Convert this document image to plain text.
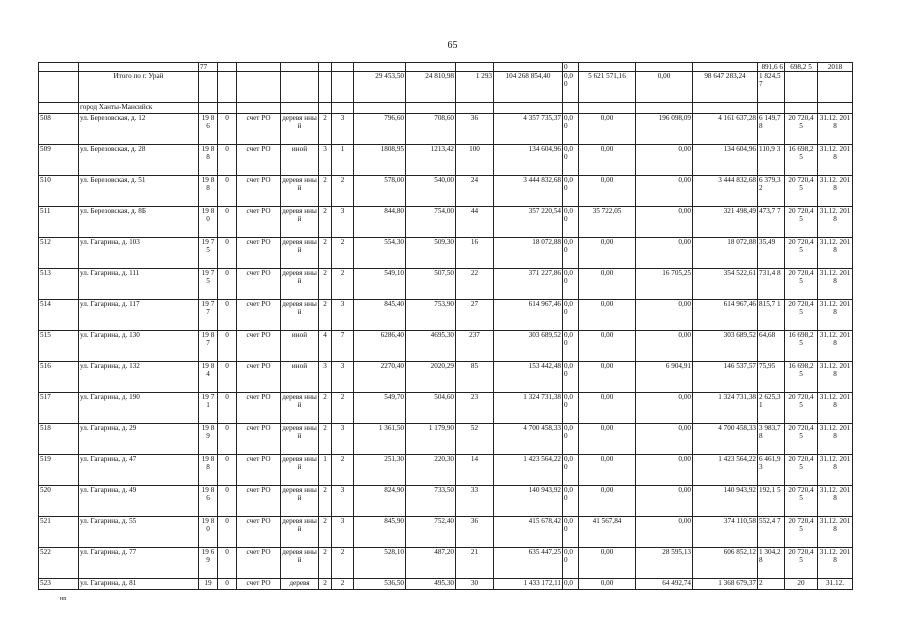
65
		77										0				891,6 6	698,2 5	2018
	Итого по г. Урай							29 453,50	24 810,98	1 293	104 268 854,40	0,0 0	5 621 571,16	0,00	98 647 283,24	1 824,5 7		
	город Ханты-Мансийск																	
508	ул. Березовская, д. 12	19 86	0	счет РО	деревя нный	2	3	796,60	708,60	36	4 357 735,37	0,0 0	0,00	196 098,09	4 161 637,28	6 149,7 8	20 720,4 5	31.12. 2018
509	ул. Березовская, д. 28	19 88	0	счет РО	иной	3	1	1808,95	1213,42	100	134 604,96	0,0 0	0,00	0,00	134 604,96	110,9 3	16 698,2 5	31.12. 2018
510	ул. Березовская, д. 51	19 88	0	счет РО	деревя нный	2	2	578,00	540,00	24	3 444 832,68	0,0 0	0,00	0,00	3 444 832,68	6 379,3 2	20 720,4 5	31.12. 2018
511	ул. Березовская, д. 8Б	19 80	0	счет РО	деревя нный	2	3	844,80	754,00	44	357 220,54	0,0 0	35 722,05	0,00	321 498,49	473,7 7	20 720,4 5	31.12. 2018
512	ул. Гагарина, д. 103	19 75	0	счет РО	деревя нный	2	2	554,30	509,30	16	18 072,88	0,0 0	0,00	0,00	18 072,88	35,49	20 720,4 5	31.12. 2018
513	ул. Гагарина, д. 111	19 75	0	счет РО	деревя нный	2	2	549,10	507,50	22	371 227,86	0,0 0	0,00	16 705,25	354 522,61	731,4 8	20 720,4 5	31.12. 2018
514	ул. Гагарина, д. 117	19 77	0	счет РО	деревя нный	2	3	845,40	753,90	27	614 967,46	0,0 0	0,00	0,00	614 967,46	815,7 1	20 720,4 5	31.12. 2018
515	ул. Гагарина, д. 130	19 87	0	счет РО	иной	4	7	6286,40	4695,30	237	303 689,52	0,0 0	0,00	0,00	303 689,52	64,68	16 698,2 5	31.12. 2018
516	ул. Гагарина, д. 132	19 84	0	счет РО	иной	3	3	2270,40	2020,29	85	153 442,48	0,0 0	0,00	6 904,91	146 537,57	75,95	16 698,2 5	31.12. 2018
517	ул. Гагарина, д. 190	19 71	0	счет РО	деревя нный	2	2	549,70	504,60	23	1 324 731,38	0,0 0	0,00	0,00	1 324 731,38	2 625,3 1	20 720,4 5	31.12. 2018
518	ул. Гагарина, д. 29	19 89	0	счет РО	деревя нный	2	3	1 361,50	1 179,90	52	4 700 458,33	0,0 0	0,00	0,00	4 700 458,33	3 983,7 8	20 720,4 5	31.12. 2018
519	ул. Гагарина, д. 47	19 88	0	счет РО	деревя нный	1	2	251,30	220,30	14	1 423 564,22	0,0 0	0,00	0,00	1 423 564,22	6 461,9 3	20 720,4 5	31.12. 2018
520	ул. Гагарина, д. 49	19 86	0	счет РО	деревя нный	2	3	824,90	733,50	33	140 943,92	0,0 0	0,00	0,00	140 943,92	192,1 5	20 720,4 5	31.12. 2018
521	ул. Гагарина, д. 55	19 80	0	счет РО	деревя нный	2	3	845,90	752,40	36	415 678,42	0,0 0	41 567,84	0,00	374 110,58	552,4 7	20 720,4 5	31.12. 2018
522	ул. Гагарина, д. 77	19 69	0	счет РО	деревя нный	2	2	528,10	487,20	21	635 447,25	0,0 0	0,00	28 595,13	606 852,12	1 304,2 8	20 720,4 5	31.12. 2018
523	ул. Гагарина, д. 81	19	0	счет РО	деревя	2	2	536,50	495,30	30	1 433 172,11	0,0	0,00	64 492,74	1 368 679,37	2	20	31.12.
нп
